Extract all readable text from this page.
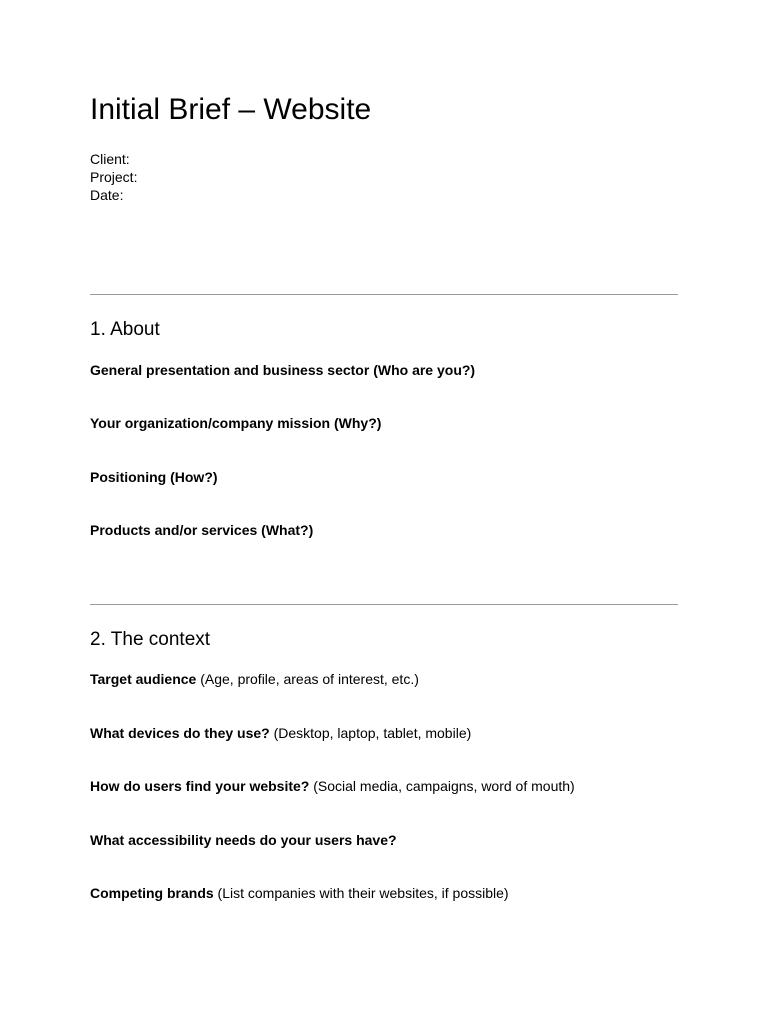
Initial Brief – Website
Client:
Project:
Date:
1. About
General presentation and business sector (Who are you?)
Your organization/company mission (Why?)
Positioning (How?)
Products and/or services (What?)
2. The context
Target audience (Age, profile, areas of interest, etc.)
What devices do they use? (Desktop, laptop, tablet, mobile)
How do users find your website? (Social media, campaigns, word of mouth)
What accessibility needs do your users have?
Competing brands (List companies with their websites, if possible)
